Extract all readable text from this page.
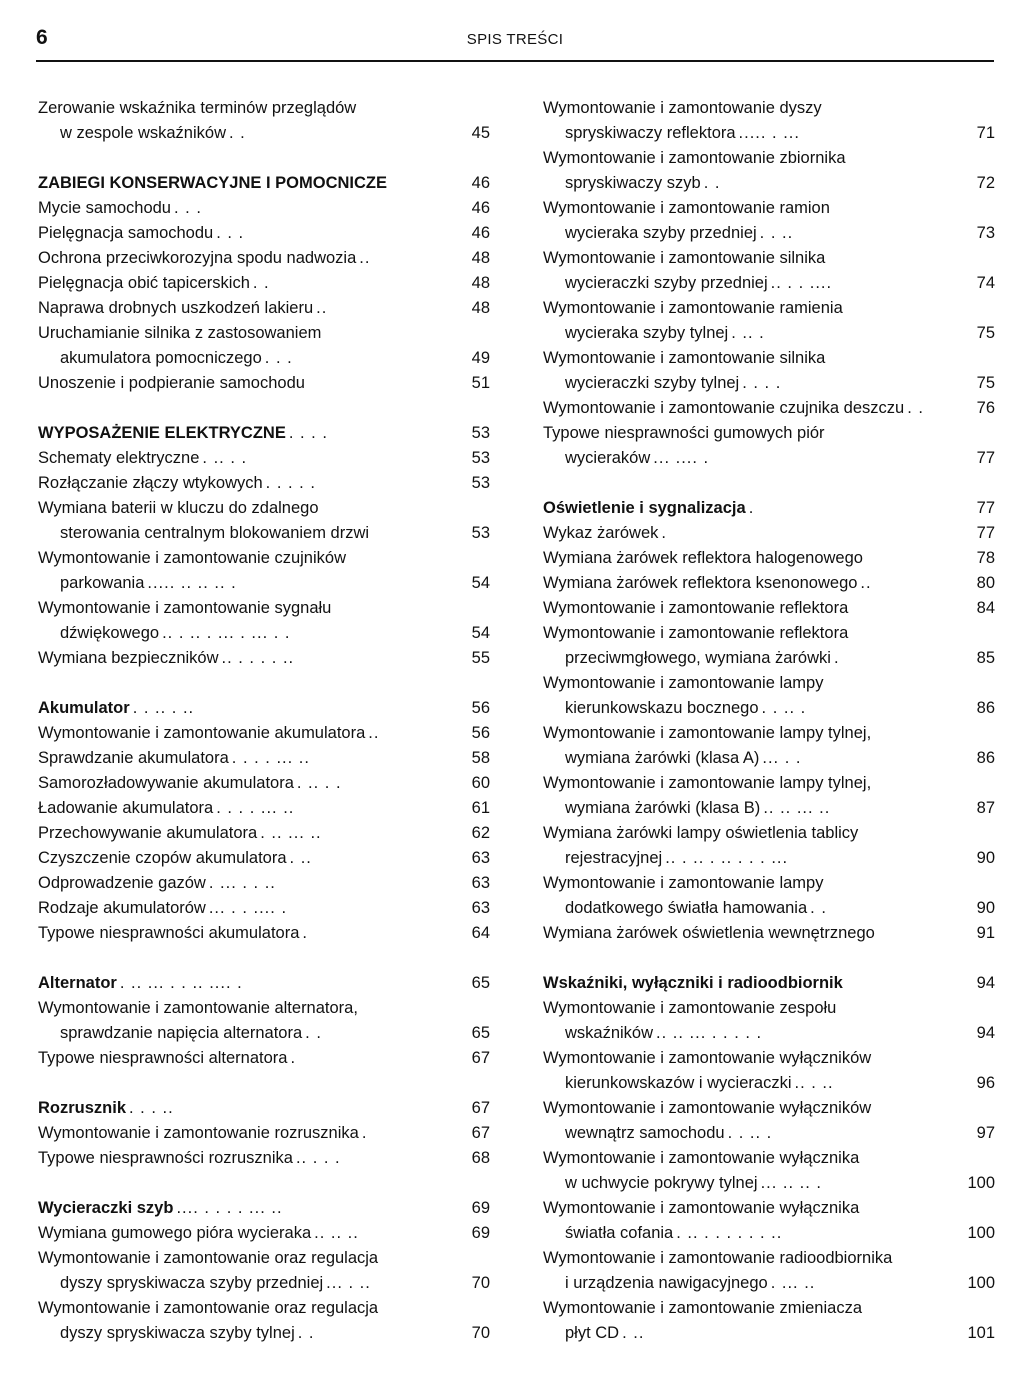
6	SPIS TREŚCI
Zerowanie wskaźnika terminów przeglądów
w zespole wskaźników . .	45
ZABIEGI KONSERWACYJNE I POMOCNICZE	46
Mycie samochodu . . .	46
Pielęgnacja samochodu . . .	46
Ochrona przeciwkorozyjna spodu nadwozia ..	48
Pielęgnacja obić tapicerskich . .	48
Naprawa drobnych uszkodzeń lakieru ..	48
Uruchamianie silnika z zastosowaniem
akumulatora pomocniczego . . .	49
Unoszenie i podpieranie samochodu	51
WYPOSAŻENIE ELEKTRYCZNE . . . .	53
Schematy elektryczne . .. . .	53
Rozłączanie złączy wtykowych . . . . .	53
Wymiana baterii w kluczu do zdalnego
sterowania centralnym blokowaniem drzwi	53
Wymontowanie i zamontowanie czujników
parkowania ..... .. .. .. .	54
Wymontowanie i zamontowanie sygnału
dźwiękowego .. . .. . ... . ... . .	54
Wymiana bezpieczników .. . . . . ..	55
Akumulator . . .. . ..	56
Wymontowanie i zamontowanie akumulatora ..	56
Sprawdzanie akumulatora . . . . ... ..	58
Samorozładowywanie akumulatora . .. . .	60
Ładowanie akumulatora . . . . ... ..	61
Przechowywanie akumulatora . .. ... ..	62
Czyszczenie czopów akumulatora . ..	63
Odprowadzenie gazów . ... . . ..	63
Rodzaje akumulatorów ... . . .... .	63
Typowe niesprawności akumulatora .	64
Alternator . .. ... . . .. .... .	65
Wymontowanie i zamontowanie alternatora,
sprawdzanie napięcia alternatora . .	65
Typowe niesprawności alternatora .	67
Rozrusznik . . . ..	67
Wymontowanie i zamontowanie rozrusznika .	67
Typowe niesprawności rozrusznika .. . . .	68
Wycieraczki szyb .... . . . . ... ..	69
Wymiana gumowego pióra wycieraka .. .. ..	69
Wymontowanie i zamontowanie oraz regulacja
dyszy spryskiwacza szyby przedniej ... . ..	70
Wymontowanie i zamontowanie oraz regulacja
dyszy spryskiwacza szyby tylnej . .	70
Wymontowanie i zamontowanie dyszy
spryskiwaczy reflektora ..... . ...	71
Wymontowanie i zamontowanie zbiornika
spryskiwaczy szyb . .	72
Wymontowanie i zamontowanie ramion
wycieraka szyby przedniej . . ..	73
Wymontowanie i zamontowanie silnika
wycieraczki szyby przedniej .. . . ....	74
Wymontowanie i zamontowanie ramienia
wycieraka szyby tylnej . .. .	75
Wymontowanie i zamontowanie silnika
wycieraczki szyby tylnej . . . .	75
Wymontowanie i zamontowanie czujnika deszczu . .	76
Typowe niesprawności gumowych piór
wycieraków ... .... .	77
Oświetlenie i sygnalizacja .	77
Wykaz żarówek .	77
Wymiana żarówek reflektora halogenowego	78
Wymiana żarówek reflektora ksenonowego ..	80
Wymontowanie i zamontowanie reflektora	84
Wymontowanie i zamontowanie reflektora
przeciwmgłowego, wymiana żarówki .	85
Wymontowanie i zamontowanie lampy
kierunkowskazu bocznego . . .. .	86
Wymontowanie i zamontowanie lampy tylnej,
wymiana żarówki (klasa A) ... . .	86
Wymontowanie i zamontowanie lampy tylnej,
wymiana żarówki (klasa B) .. .. ... ..	87
Wymiana żarówki lampy oświetlenia tablicy
rejestracyjnej .. . .. . .. . . . ...	90
Wymontowanie i zamontowanie lampy
dodatkowego światła hamowania . .	90
Wymiana żarówek oświetlenia wewnętrznego	91
Wskaźniki, wyłączniki i radioodbiornik	94
Wymontowanie i zamontowanie zespołu
wskaźników .. .. ... . . . . .	94
Wymontowanie i zamontowanie wyłączników
kierunkowskazów i wycieraczki .. . ..	96
Wymontowanie i zamontowanie wyłączników
wewnątrz samochodu . . .. .	97
Wymontowanie i zamontowanie wyłącznika
w uchwycie pokrywy tylnej ... .. .. .	100
Wymontowanie i zamontowanie wyłącznika
światła cofania . .. . . . . . . ..	100
Wymontowanie i zamontowanie radioodbiornika
i urządzenia nawigacyjnego . ... ..	100
Wymontowanie i zamontowanie zmieniacza
płyt CD . ..	101
